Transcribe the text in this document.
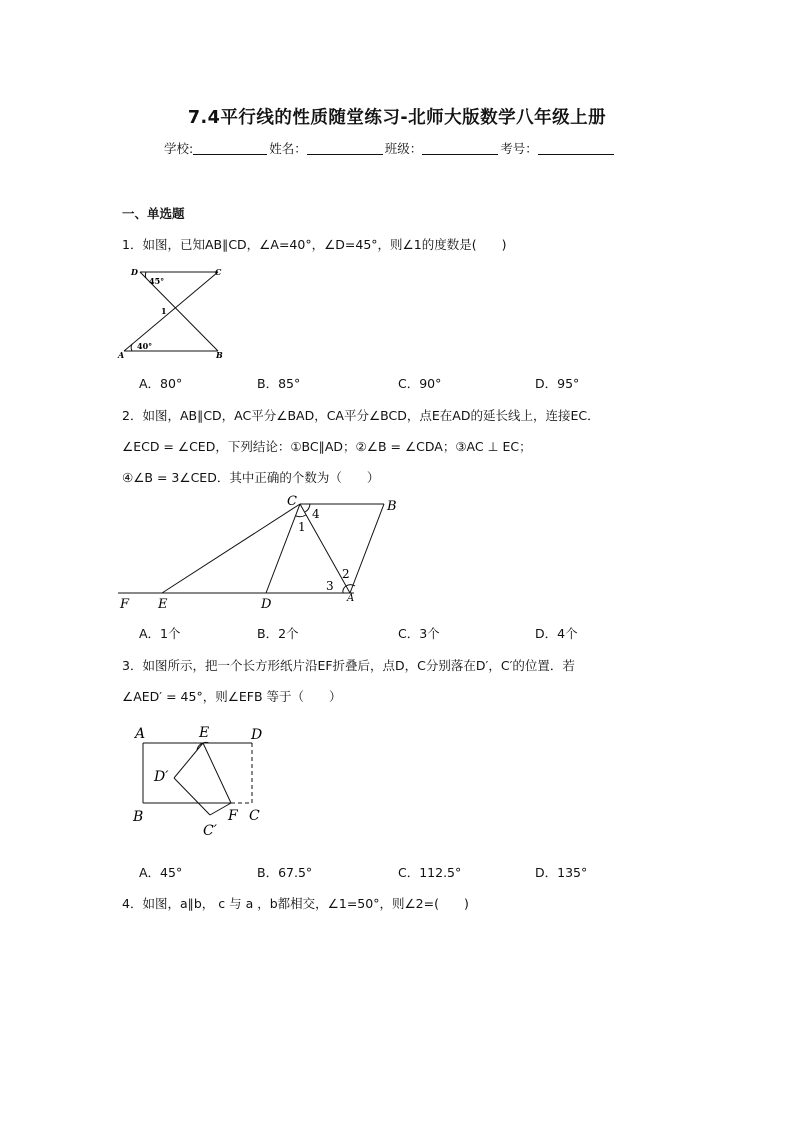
7.4平行线的性质随堂练习-北师大版数学八年级上册
学校:	姓名：	班级：	考号：
一、单选题
1．如图，已知AB∥CD，∠A=40°，∠D=45°，则∠1的度数是(　　)
D	C
A	B
45°
40°
1
A．80°	B．85°	C．90°	D．95°
2．如图，AB∥CD，AC平分∠BAD，CA平分∠BCD，点E在AD的延长线上，连接EC．
∠ECD = ∠CED，下列结论：①BC∥AD；②∠B = ∠CDA；③AC ⊥ EC；
④∠B = 3∠CED．其中正确的个数为（　　）
C	B
F E	D	A
1
2
3
4
A．1个	B．2个	C．3个	D．4个
3．如图所示，把一个长方形纸片沿EF折叠后，点D，C分别落在D′，C′的位置．若
∠AED′ = 45°，则∠EFB 等于（　　）
A	E	D
D′
B
C′
F C
A．45°	B．67.5°	C．112.5°	D．135°
4．如图，a∥b， c 与 a ，b都相交，∠1=50°，则∠2=(　　)
